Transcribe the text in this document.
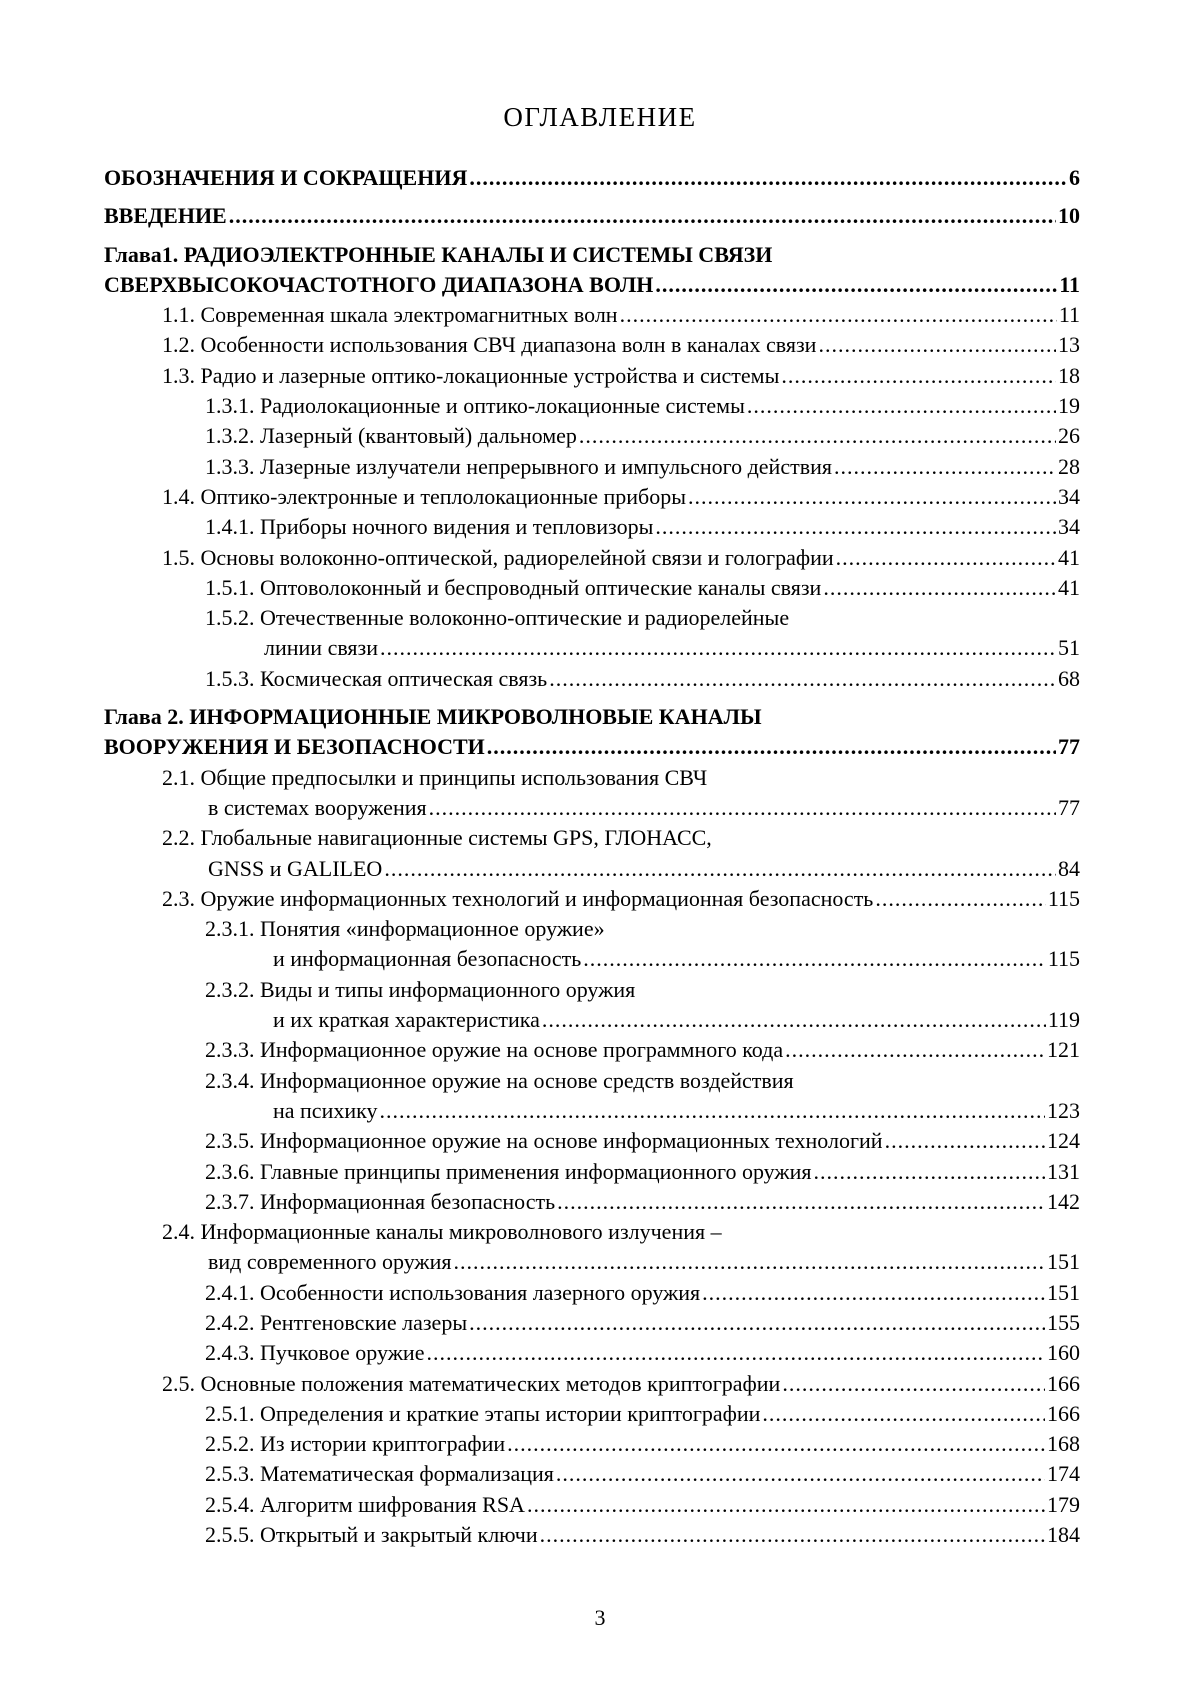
ОГЛАВЛЕНИЕ
ОБОЗНАЧЕНИЯ И СОКРАЩЕНИЯ .....	6
ВВЕДЕНИЕ .....	10
Глава1. РАДИОЭЛЕКТРОННЫЕ КАНАЛЫ И СИСТЕМЫ СВЯЗИ
СВЕРХВЫСОКОЧАСТОТНОГО ДИАПАЗОНА ВОЛН .....	11
1.1. Современная шкала электромагнитных волн .....	11
1.2. Особенности использования СВЧ диапазона волн в каналах связи .....	13
1.3. Радио и лазерные оптико-локационные устройства и системы .....	18
1.3.1. Радиолокационные и оптико-локационные системы .....	19
1.3.2. Лазерный (квантовый) дальномер .....	26
1.3.3. Лазерные излучатели непрерывного и импульсного действия .....	28
1.4. Оптико-электронные и теплолокационные приборы .....	34
1.4.1. Приборы ночного видения и тепловизоры .....	34
1.5. Основы волоконно-оптической, радиорелейной связи и голографии .....	41
1.5.1. Оптоволоконный и беспроводный оптические каналы связи .....	41
1.5.2. Отечественные волоконно-оптические и радиорелейные
линии связи .....	51
1.5.3. Космическая оптическая связь .....	68
Глава 2. ИНФОРМАЦИОННЫЕ МИКРОВОЛНОВЫЕ КАНАЛЫ
ВООРУЖЕНИЯ И БЕЗОПАСНОСТИ .....	77
2.1. Общие предпосылки и принципы использования СВЧ
в системах вооружения .....	77
2.2. Глобальные навигационные системы GPS, ГЛОНАСС,
GNSS и GALILEO .....	84
2.3. Оружие информационных технологий и информационная безопасность .....	115
2.3.1. Понятия «информационное оружие»
и информационная безопасность .....	115
2.3.2. Виды и типы информационного оружия
и их краткая характеристика .....	119
2.3.3. Информационное оружие на основе программного кода .....	121
2.3.4. Информационное оружие на основе средств воздействия
на психику .....	123
2.3.5. Информационное оружие на основе информационных технологий .....	124
2.3.6. Главные принципы применения информационного оружия .....	131
2.3.7. Информационная безопасность .....	142
2.4. Информационные каналы микроволнового излучения –
вид современного оружия .....	151
2.4.1. Особенности использования лазерного оружия .....	151
2.4.2. Рентгеновские лазеры .....	155
2.4.3. Пучковое оружие .....	160
2.5. Основные положения математических методов криптографии .....	166
2.5.1. Определения и краткие этапы истории криптографии .....	166
2.5.2. Из истории криптографии .....	168
2.5.3. Математическая формализация .....	174
2.5.4. Алгоритм шифрования RSA .....	179
2.5.5. Открытый и закрытый ключи .....	184
3
